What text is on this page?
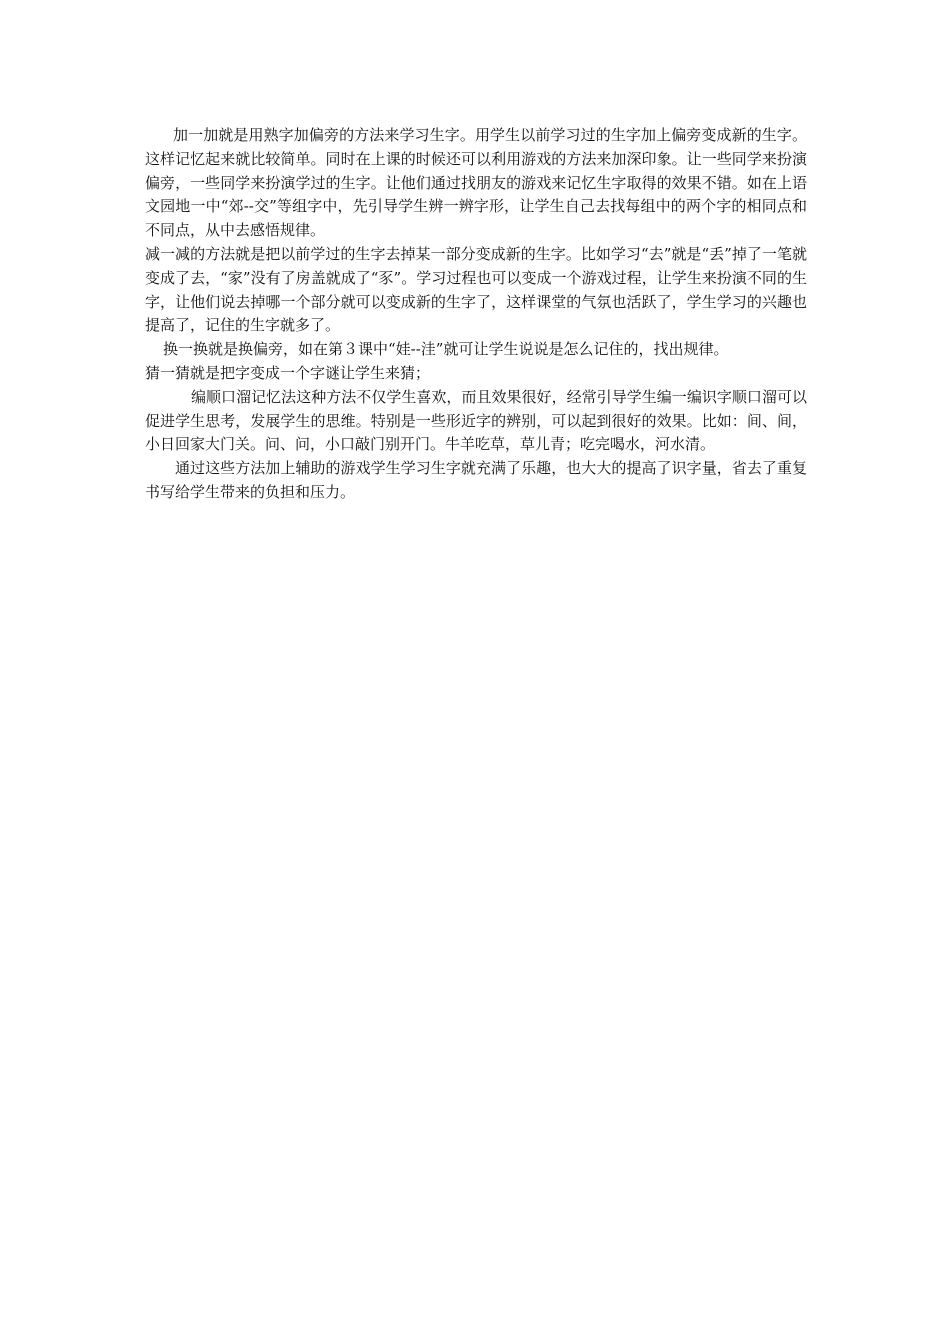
加一加就是用熟字加偏旁的方法来学习生字。用学生以前学习过的生字加上偏旁变成新的生字。这样记忆起来就比较简单。同时在上课的时候还可以利用游戏的方法来加深印象。让一些同学来扮演偏旁，一些同学来扮演学过的生字。让他们通过找朋友的游戏来记忆生字取得的效果不错。如在上语文园地一中“郊--交”等组字中，先引导学生辨一辨字形，让学生自己去找每组中的两个字的相同点和不同点，从中去感悟规律。

减一减的方法就是把以前学过的生字去掉某一部分变成新的生字。比如学习“去”就是“丢”掉了一笔就变成了去，“家”没有了房盖就成了“豕”。学习过程也可以变成一个游戏过程，让学生来扮演不同的生字，让他们说去掉哪一个部分就可以变成新的生字了，这样课堂的气氛也活跃了，学生学习的兴趣也提高了，记住的生字就多了。

换一换就是换偏旁，如在第３课中“娃--洼”就可让学生说说是怎么记住的，找出规律。

猜一猜就是把字变成一个字谜让学生来猜；

编顺口溜记忆法这种方法不仅学生喜欢，而且效果很好，经常引导学生编一编识字顺口溜可以促进学生思考，发展学生的思维。特别是一些形近字的辨别，可以起到很好的效果。比如：间、间，小日回家大门关。问、问，小口敲门别开门。牛羊吃草，草儿青；吃完喝水，河水清。

通过这些方法加上辅助的游戏学生学习生字就充满了乐趣，也大大的提高了识字量，省去了重复书写给学生带来的负担和压力。
